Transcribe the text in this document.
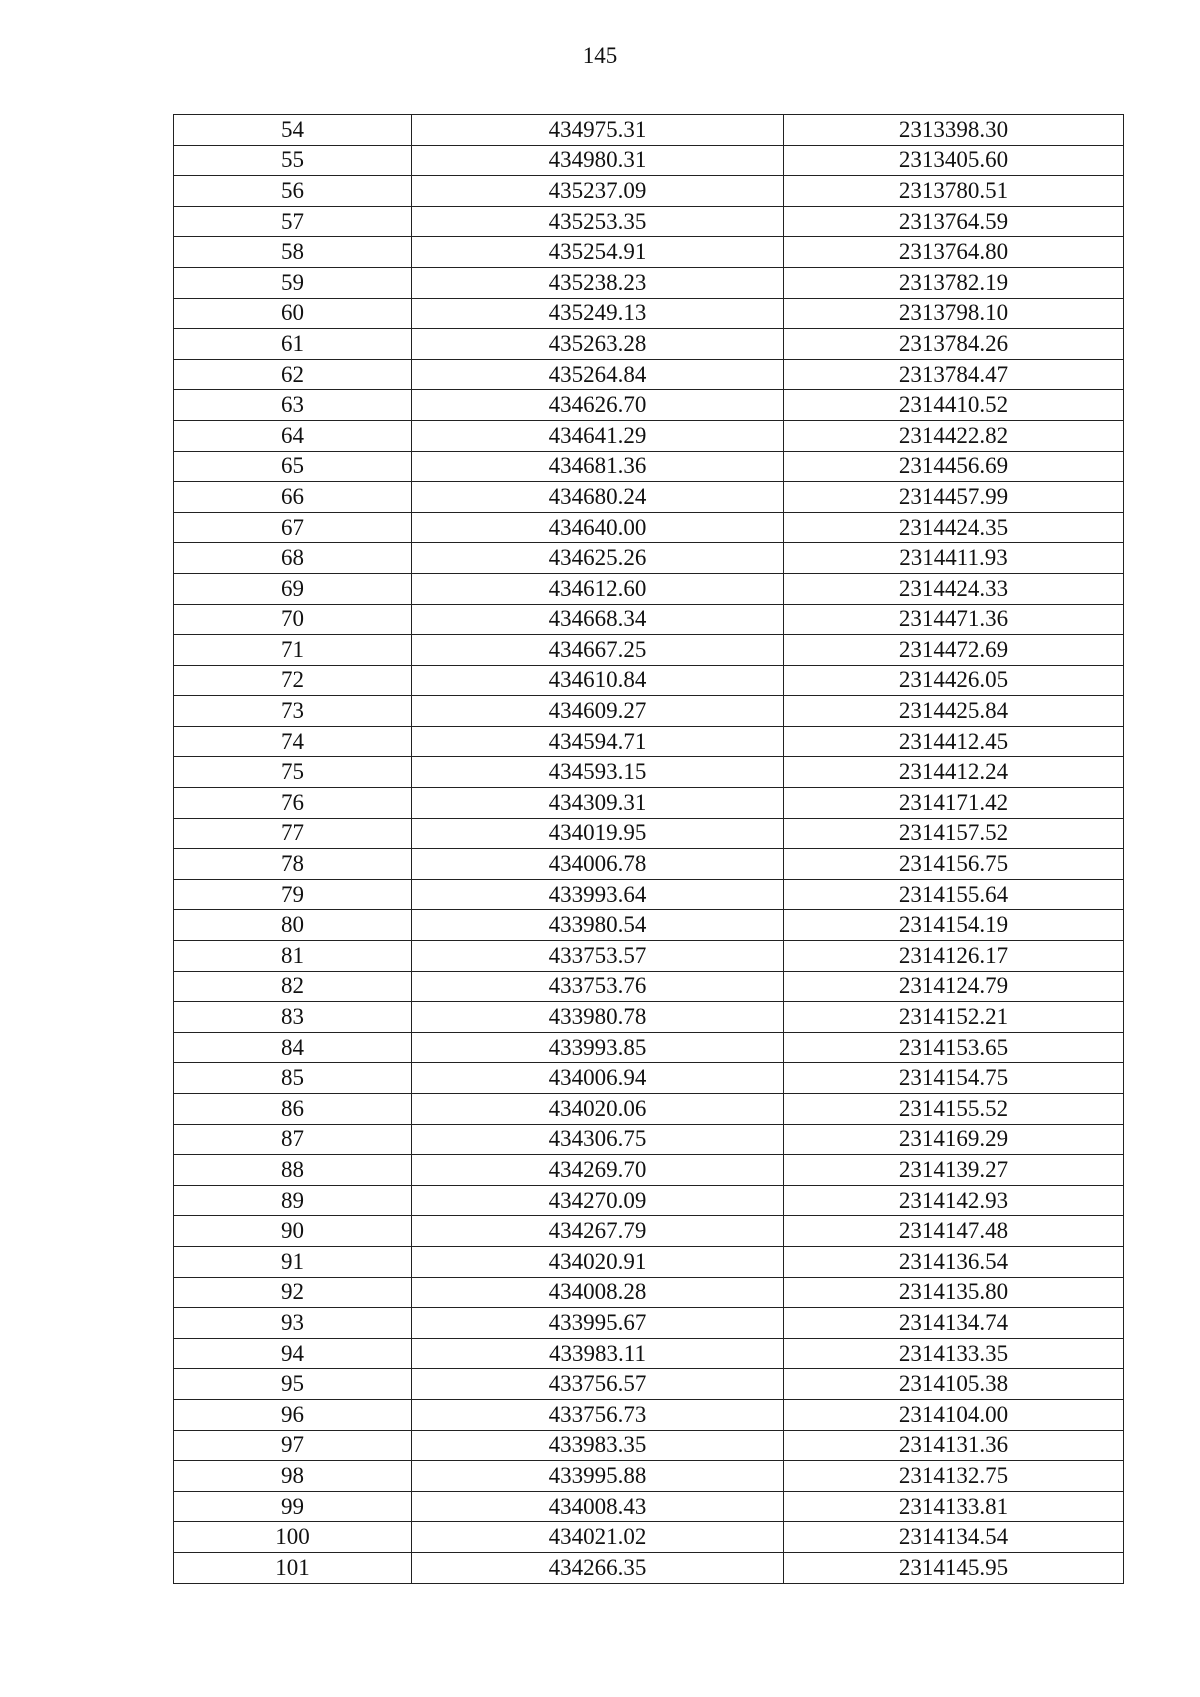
145
54	434975.31	2313398.30
55	434980.31	2313405.60
56	435237.09	2313780.51
57	435253.35	2313764.59
58	435254.91	2313764.80
59	435238.23	2313782.19
60	435249.13	2313798.10
61	435263.28	2313784.26
62	435264.84	2313784.47
63	434626.70	2314410.52
64	434641.29	2314422.82
65	434681.36	2314456.69
66	434680.24	2314457.99
67	434640.00	2314424.35
68	434625.26	2314411.93
69	434612.60	2314424.33
70	434668.34	2314471.36
71	434667.25	2314472.69
72	434610.84	2314426.05
73	434609.27	2314425.84
74	434594.71	2314412.45
75	434593.15	2314412.24
76	434309.31	2314171.42
77	434019.95	2314157.52
78	434006.78	2314156.75
79	433993.64	2314155.64
80	433980.54	2314154.19
81	433753.57	2314126.17
82	433753.76	2314124.79
83	433980.78	2314152.21
84	433993.85	2314153.65
85	434006.94	2314154.75
86	434020.06	2314155.52
87	434306.75	2314169.29
88	434269.70	2314139.27
89	434270.09	2314142.93
90	434267.79	2314147.48
91	434020.91	2314136.54
92	434008.28	2314135.80
93	433995.67	2314134.74
94	433983.11	2314133.35
95	433756.57	2314105.38
96	433756.73	2314104.00
97	433983.35	2314131.36
98	433995.88	2314132.75
99	434008.43	2314133.81
100	434021.02	2314134.54
101	434266.35	2314145.95
